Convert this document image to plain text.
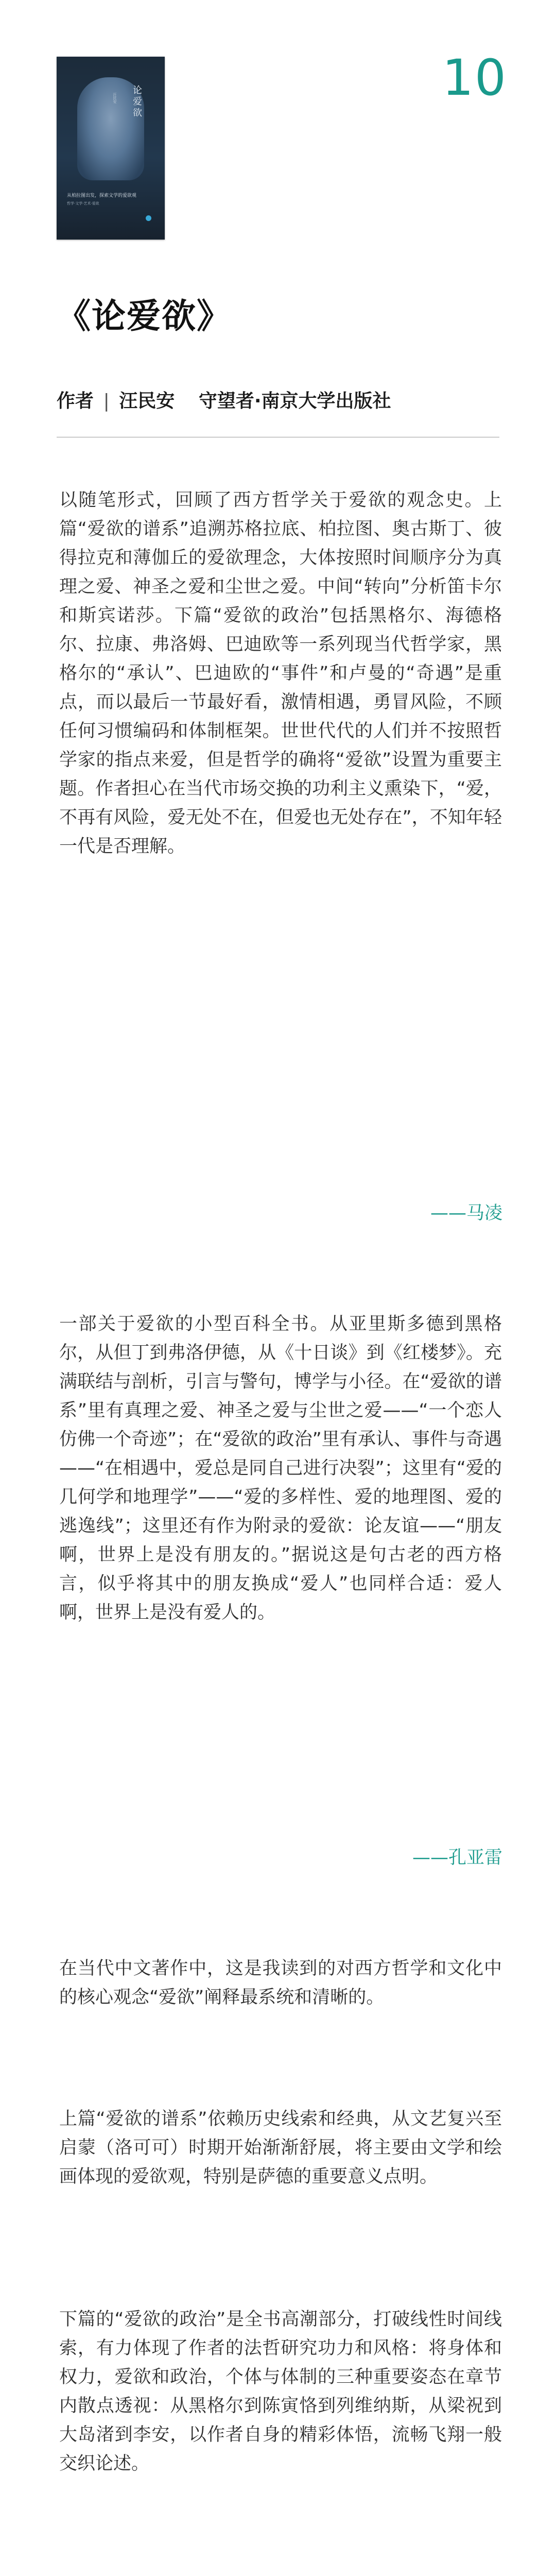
论爱欲
汪民安
从柏拉图出发，探索文学的爱欲观
哲学·文学·艺术·爱欲
10
《论爱欲》
作者 | 汪民安 守望者·南京大学出版社

以随笔形式，回顾了西方哲学关于爱欲的观念史。上篇“爱欲的谱系”追溯苏格拉底、柏拉图、奥古斯丁、彼得拉克和薄伽丘的爱欲理念，大体按照时间顺序分为真理之爱、神圣之爱和尘世之爱。中间“转向”分析笛卡尔和斯宾诺莎。下篇“爱欲的政治”包括黑格尔、海德格尔、拉康、弗洛姆、巴迪欧等一系列现当代哲学家，黑格尔的“承认”、巴迪欧的“事件”和卢曼的“奇遇”是重点，而以最后一节最好看，激情相遇，勇冒风险，不顾任何习惯编码和体制框架。世世代代的人们并不按照哲学家的指点来爱，但是哲学的确将“爱欲”设置为重要主题。作者担心在当代市场交换的功利主义熏染下，“爱，不再有风险，爱无处不在，但爱也无处存在”，不知年轻一代是否理解。

——马凌

一部关于爱欲的小型百科全书。从亚里斯多德到黑格尔，从但丁到弗洛伊德，从《十日谈》到《红楼梦》。充满联结与剖析，引言与警句，博学与小径。在“爱欲的谱系”里有真理之爱、神圣之爱与尘世之爱——“一个恋人仿佛一个奇迹”；在“爱欲的政治”里有承认、事件与奇遇——“在相遇中，爱总是同自己进行决裂”；这里有“爱的几何学和地理学”——“爱的多样性、爱的地理图、爱的逃逸线”；这里还有作为附录的爱欲：论友谊——“朋友啊，世界上是没有朋友的。”据说这是句古老的西方格言，似乎将其中的朋友换成“爱人”也同样合适：爱人啊，世界上是没有爱人的。

——孔亚雷

在当代中文著作中，这是我读到的对西方哲学和文化中的核心观念“爱欲”阐释最系统和清晰的。

上篇“爱欲的谱系”依赖历史线索和经典，从文艺复兴至启蒙（洛可可）时期开始渐渐舒展，将主要由文学和绘画体现的爱欲观，特别是萨德的重要意义点明。

下篇的“爱欲的政治”是全书高潮部分，打破线性时间线索，有力体现了作者的法哲研究功力和风格：将身体和权力，爱欲和政治，个体与体制的三种重要姿态在章节内散点透视：从黑格尔到陈寅恪到列维纳斯，从梁祝到大岛渚到李安，以作者自身的精彩体悟，流畅飞翔一般交织论述。
